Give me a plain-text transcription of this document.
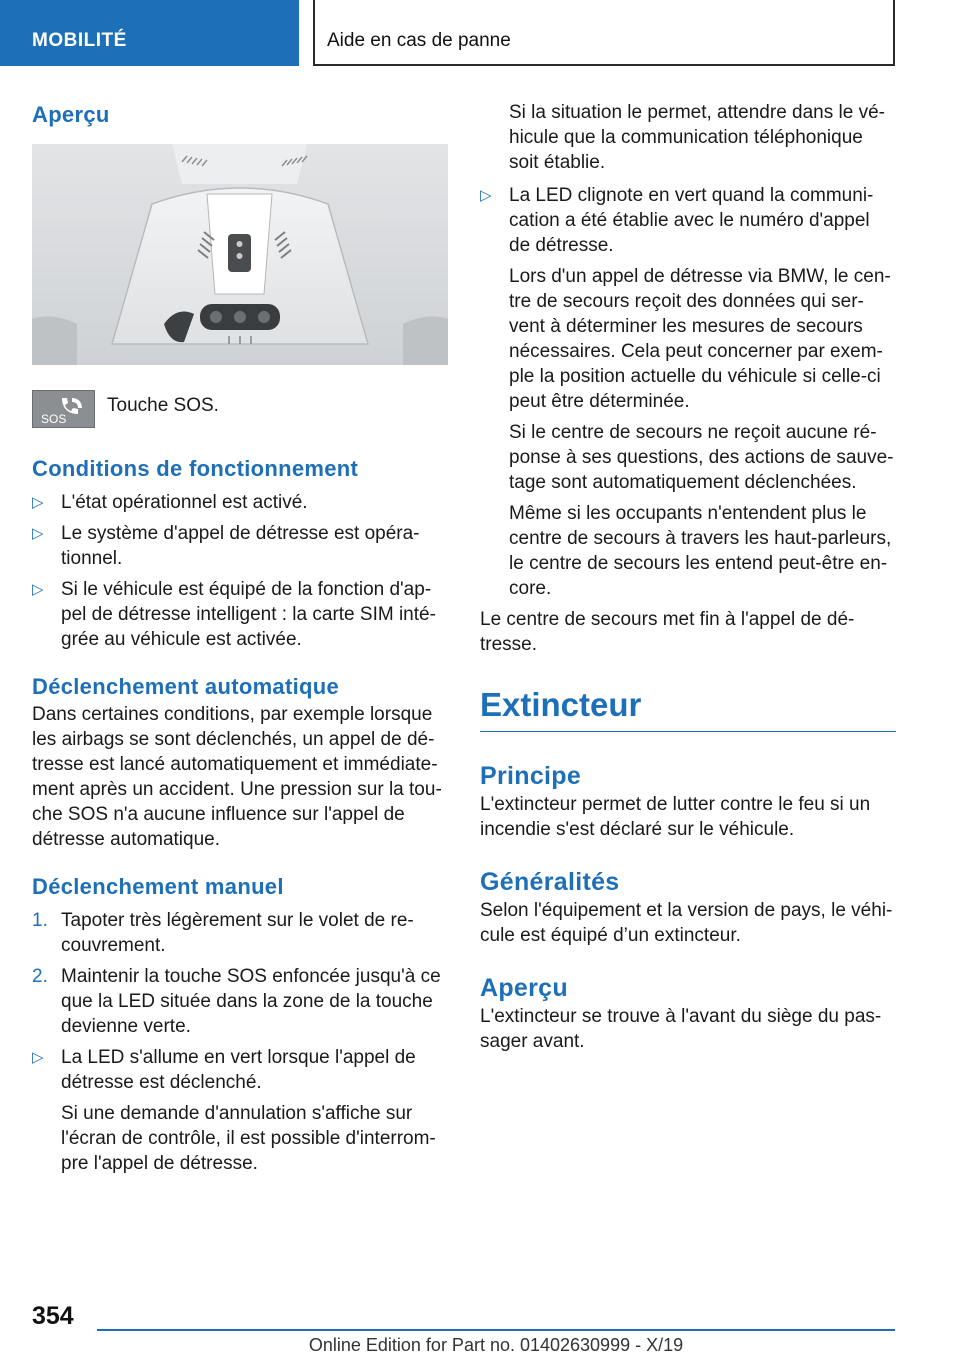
MOBILITÉ	Aide en cas de panne
Aperçu
SOS

Touche SOS.

Conditions de fonctionnement
▷ L'état opérationnel est activé.
▷ Le système d'appel de détresse est opéra-tionnel.
▷ Si le véhicule est équipé de la fonction d'ap-pel de détresse intelligent : la carte SIM inté-grée au véhicule est activée.
Déclenchement automatique

Dans certaines conditions, par exemple lorsque les airbags se sont déclenchés, un appel de dé-tresse est lancé automatiquement et immédiate-ment après un accident. Une pression sur la tou-che SOS n'a aucune influence sur l'appel de détresse automatique.

Déclenchement manuel
1. Tapoter très légèrement sur le volet de re-couvrement.
2. Maintenir la touche SOS enfoncée jusqu'à ce que la LED située dans la zone de la touche devienne verte.
▷ La LED s'allume en vert lorsque l'appel de détresse est déclenché.

Si une demande d'annulation s'affiche sur l'écran de contrôle, il est possible d'interrom-pre l'appel de détresse.

Si la situation le permet, attendre dans le vé-hicule que la communication téléphonique soit établie.

▷ La LED clignote en vert quand la communi-cation a été établie avec le numéro d'appel de détresse.

Lors d'un appel de détresse via BMW, le cen-tre de secours reçoit des données qui ser-vent à déterminer les mesures de secours nécessaires. Cela peut concerner par exem-ple la position actuelle du véhicule si celle-ci peut être déterminée.

Si le centre de secours ne reçoit aucune ré-ponse à ses questions, des actions de sauve-tage sont automatiquement déclenchées.

Même si les occupants n'entendent plus le centre de secours à travers les haut-parleurs, le centre de secours les entend peut-être en-core.

Le centre de secours met fin à l'appel de dé-tresse.

Extincteur
Principe

L'extincteur permet de lutter contre le feu si un incendie s'est déclaré sur le véhicule.

Généralités

Selon l'équipement et la version de pays, le véhi-cule est équipé d’un extincteur.

Aperçu

L'extincteur se trouve à l'avant du siège du pas-sager avant.

354
Online Edition for Part no. 01402630999 - X/19
